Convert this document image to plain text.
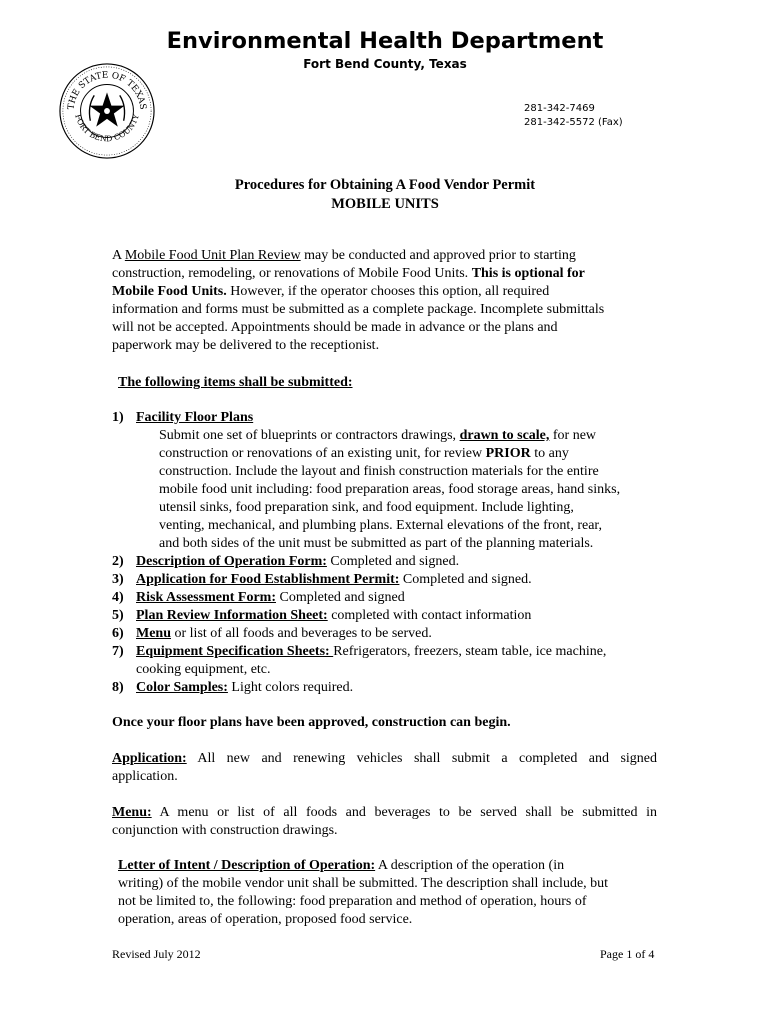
Environmental Health Department
Fort Bend County, Texas
THE STATE OF TEXAS
FORT BEND COUNTY
281-342-7469
281-342-5572 (Fax)
Procedures for Obtaining A Food Vendor Permit
MOBILE UNITS
A Mobile Food Unit Plan Review may be conducted and approved prior to starting
construction, remodeling, or renovations of Mobile Food Units. This is optional for
Mobile Food Units. However, if the operator chooses this option, all required
information and forms must be submitted as a complete package. Incomplete submittals
will not be accepted. Appointments should be made in advance or the plans and
paperwork may be delivered to the receptionist.
The following items shall be submitted:
1) Facility Floor Plans
Submit one set of blueprints or contractors drawings, drawn to scale, for new
construction or renovations of an existing unit, for review PRIOR to any
construction. Include the layout and finish construction materials for the entire
mobile food unit including: food preparation areas, food storage areas, hand sinks,
utensil sinks, food preparation sink, and food equipment. Include lighting,
venting, mechanical, and plumbing plans. External elevations of the front, rear,
and both sides of the unit must be submitted as part of the planning materials.
2) Description of Operation Form: Completed and signed.
3) Application for Food Establishment Permit: Completed and signed.
4) Risk Assessment Form: Completed and signed
5) Plan Review Information Sheet: completed with contact information
6) Menu or list of all foods and beverages to be served.
7) Equipment Specification Sheets: Refrigerators, freezers, steam table, ice machine,
cooking equipment, etc.
8) Color Samples: Light colors required.
Once your floor plans have been approved, construction can begin.
Application: All new and renewing vehicles shall submit a completed and signed
application.
Menu: A menu or list of all foods and beverages to be served shall be submitted in
conjunction with construction drawings.
Letter of Intent / Description of Operation: A description of the operation (in
writing) of the mobile vendor unit shall be submitted. The description shall include, but
not be limited to, the following: food preparation and method of operation, hours of
operation, areas of operation, proposed food service.
Revised July 2012	Page 1 of 4
